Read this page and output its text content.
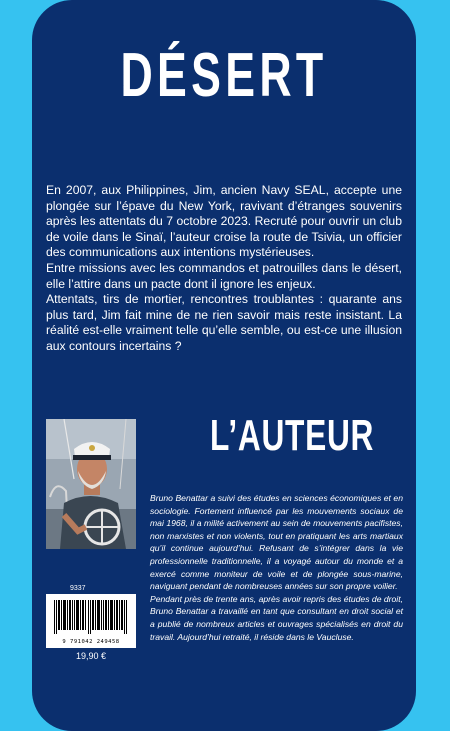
DÉSERT

En 2007, aux Philippines, Jim, ancien Navy SEAL, accepte une plongée sur l’épave du New York, ravivant d’étranges souvenirs après les attentats du 7 octobre 2023. Recruté pour ouvrir un club de voile dans le Sinaï, l’auteur croise la route de Tsivia, un officier des communications aux intentions mystérieuses.

Entre missions avec les commandos et patrouilles dans le désert, elle l’attire dans un pacte dont il ignore les enjeux.

Attentats, tirs de mortier, rencontres troublantes : quarante ans plus tard, Jim fait mine de ne rien savoir mais reste insistant. La réalité est-elle vraiment telle qu’elle semble, ou est-ce une illusion aux contours incertains ?

L’AUTEUR

Bruno Benattar a suivi des études en sciences économiques et en sociologie. Fortement influencé par les mouvements sociaux de mai 1968, il a milité activement au sein de mouvements pacifistes, non marxistes et non violents, tout en pratiquant les arts martiaux qu’il continue aujourd’hui. Refusant de s’intégrer dans la vie professionnelle traditionnelle, il a voyagé autour du monde et a exercé comme moniteur de voile et de plongée sous-marine, naviguant pendant de nombreuses années sur son propre voilier.

Pendant près de trente ans, après avoir repris des études de droit, Bruno Benattar a travaillé en tant que consultant en droit social et a publié de nombreux articles et ouvrages spécialisés en droit du travail. Aujourd’hui retraité, il réside dans le Vaucluse.

9337
9 791042 249458
19,90 €
